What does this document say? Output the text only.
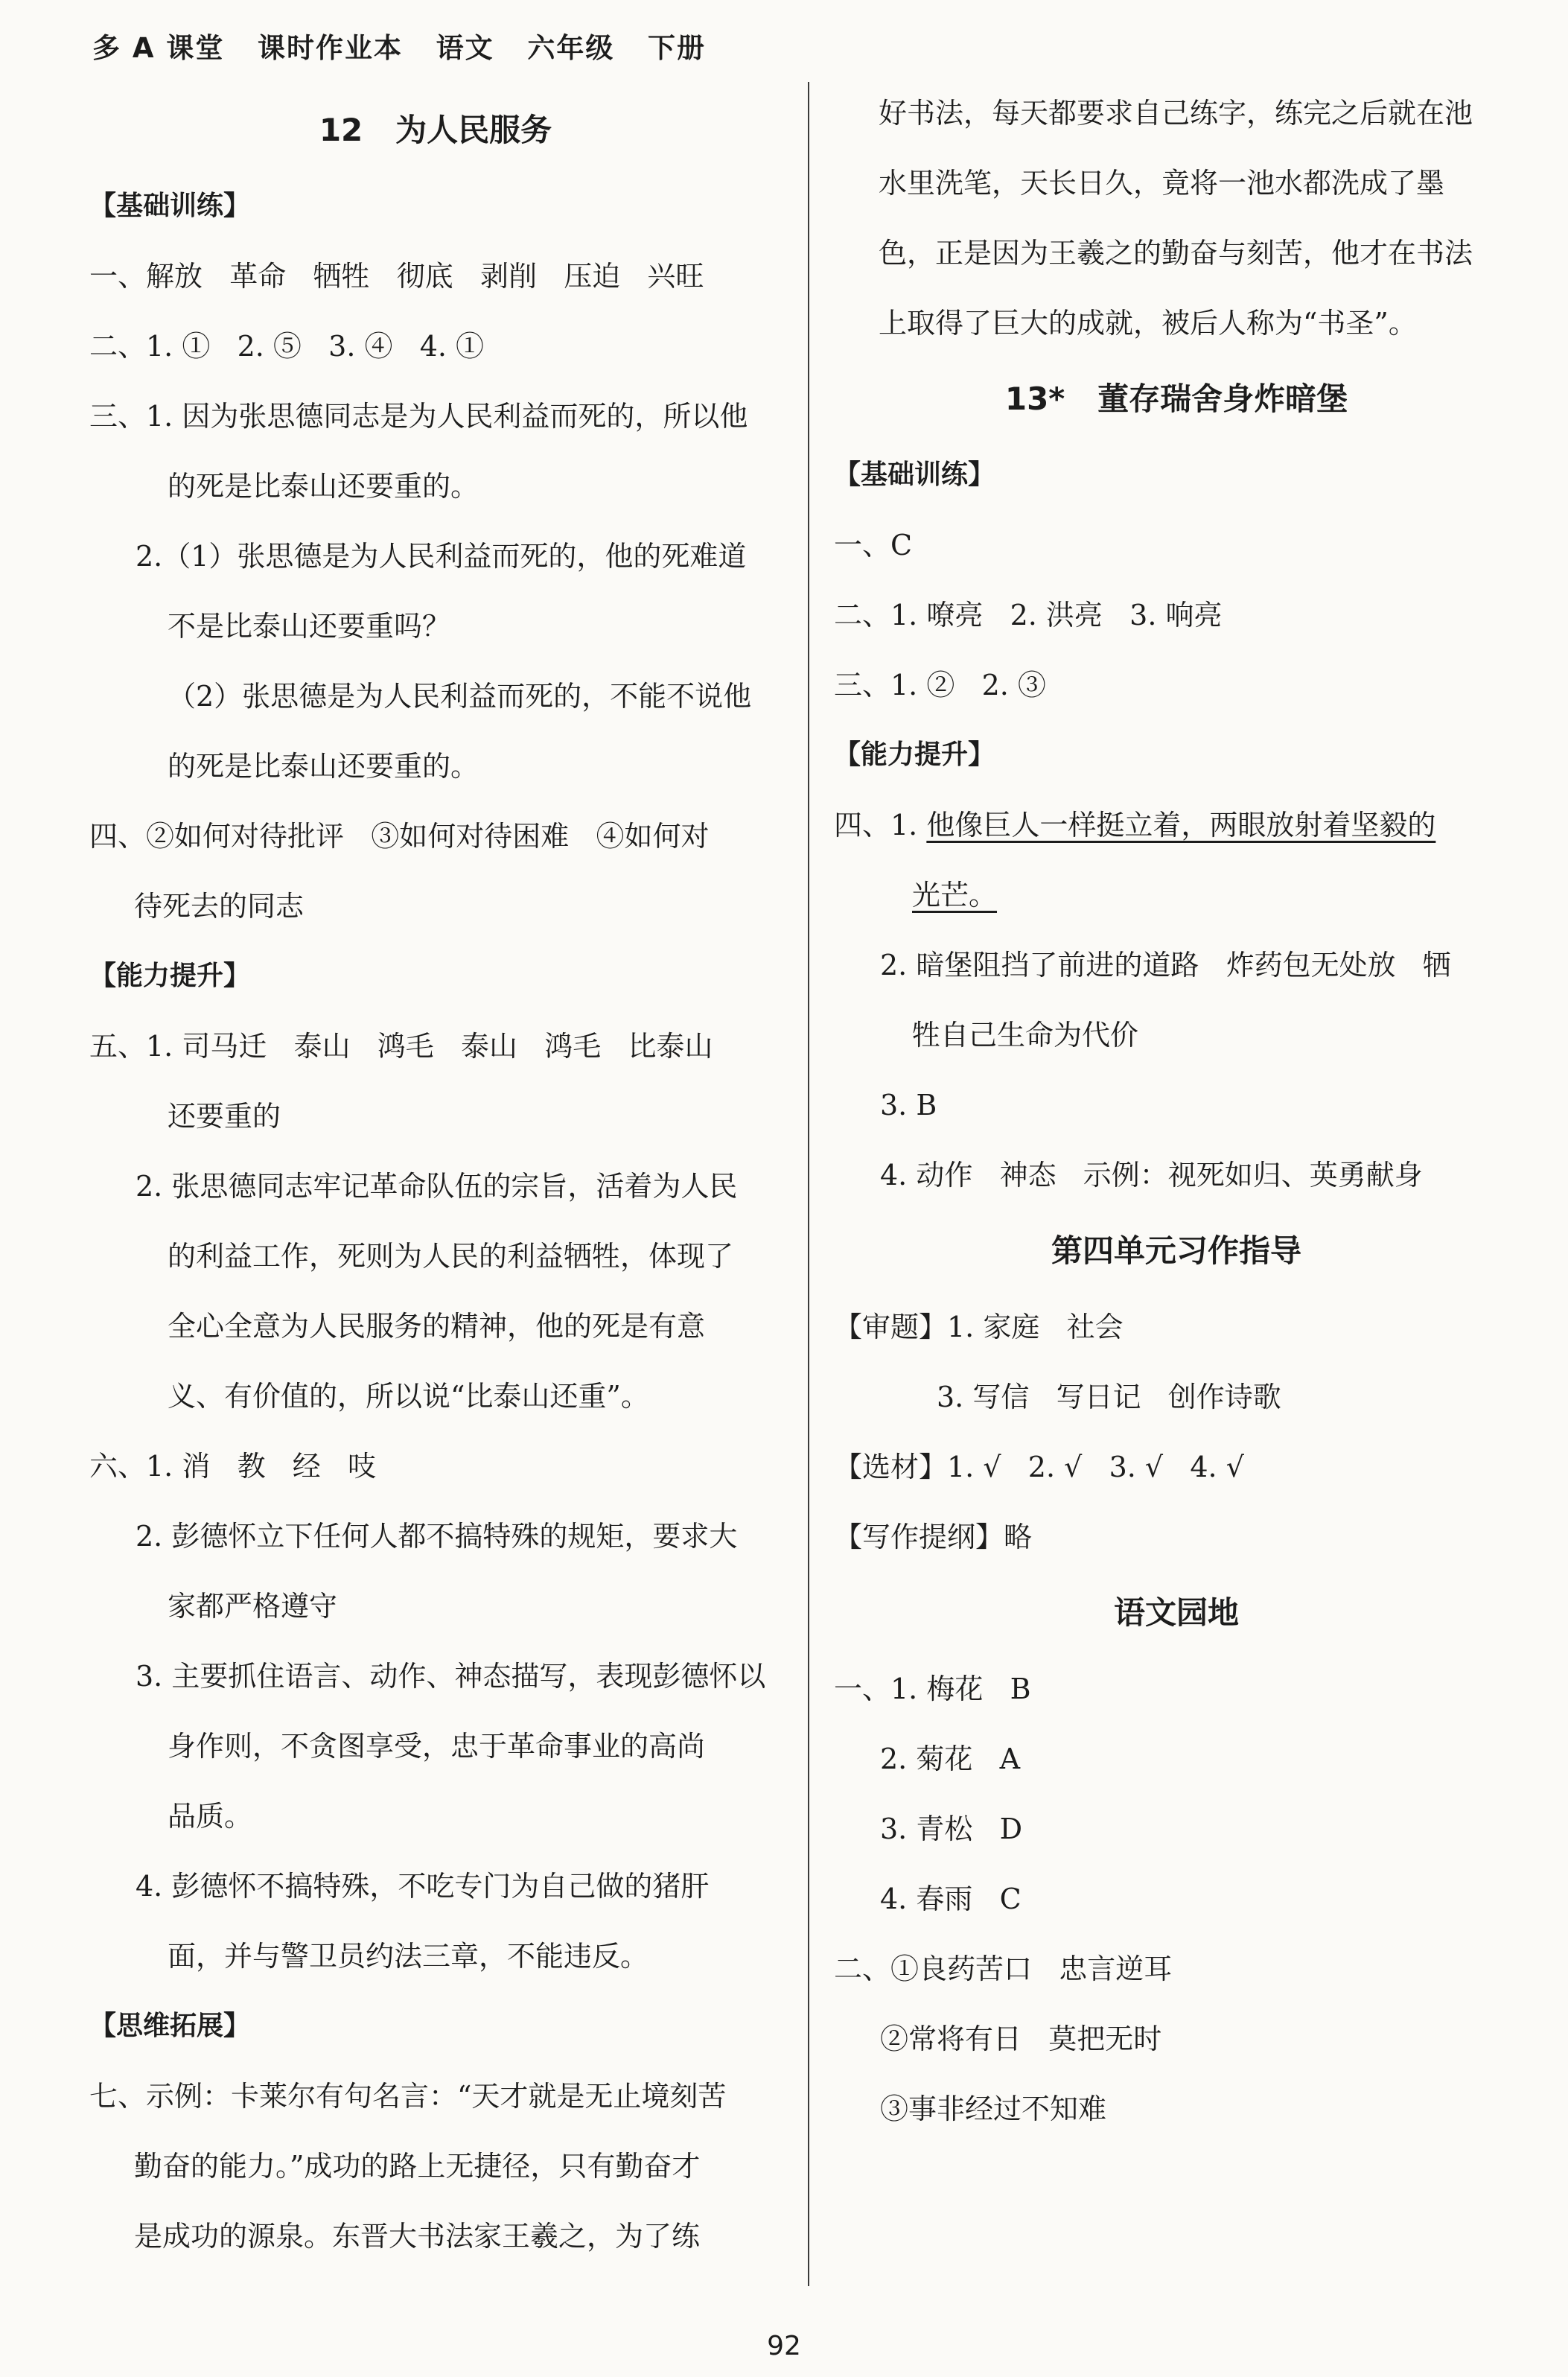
多 A 课堂   课时作业本   语文   六年级   下册
12   为人民服务
【基础训练】
一、解放   革命   牺牲   彻底   剥削   压迫   兴旺
二、1. ①   2. ⑤   3. ④   4. ①
三、1. 因为张思德同志是为人民利益而死的，所以他
的死是比泰山还要重的。
2.（1）张思德是为人民利益而死的，他的死难道
不是比泰山还要重吗？
（2）张思德是为人民利益而死的，不能不说他
的死是比泰山还要重的。
四、②如何对待批评   ③如何对待困难   ④如何对
待死去的同志
【能力提升】
五、1. 司马迁   泰山   鸿毛   泰山   鸿毛   比泰山
还要重的
2. 张思德同志牢记革命队伍的宗旨，活着为人民
的利益工作，死则为人民的利益牺牲，体现了
全心全意为人民服务的精神，他的死是有意
义、有价值的，所以说“比泰山还重”。
六、1. 消   教   经   吱
2. 彭德怀立下任何人都不搞特殊的规矩，要求大
家都严格遵守
3. 主要抓住语言、动作、神态描写，表现彭德怀以
身作则，不贪图享受，忠于革命事业的高尚
品质。
4. 彭德怀不搞特殊，不吃专门为自己做的猪肝
面，并与警卫员约法三章，不能违反。
【思维拓展】
七、示例：卡莱尔有句名言：“天才就是无止境刻苦
勤奋的能力。”成功的路上无捷径，只有勤奋才
是成功的源泉。东晋大书法家王羲之，为了练
好书法，每天都要求自己练字，练完之后就在池
水里洗笔，天长日久，竟将一池水都洗成了墨
色，正是因为王羲之的勤奋与刻苦，他才在书法
上取得了巨大的成就，被后人称为“书圣”。
13*   董存瑞舍身炸暗堡
【基础训练】
一、C
二、1. 嘹亮   2. 洪亮   3. 响亮
三、1. ②   2. ③
【能力提升】
四、1. 他像巨人一样挺立着，两眼放射着坚毅的
光芒。
2. 暗堡阻挡了前进的道路   炸药包无处放   牺
牲自己生命为代价
3. B
4. 动作   神态   示例：视死如归、英勇献身
第四单元习作指导
【审题】1. 家庭   社会
3. 写信   写日记   创作诗歌
【选材】1. √   2. √   3. √   4. √
【写作提纲】略
语文园地
一、1. 梅花   B
2. 菊花   A
3. 青松   D
4. 春雨   C
二、①良药苦口   忠言逆耳
②常将有日   莫把无时
③事非经过不知难
92
